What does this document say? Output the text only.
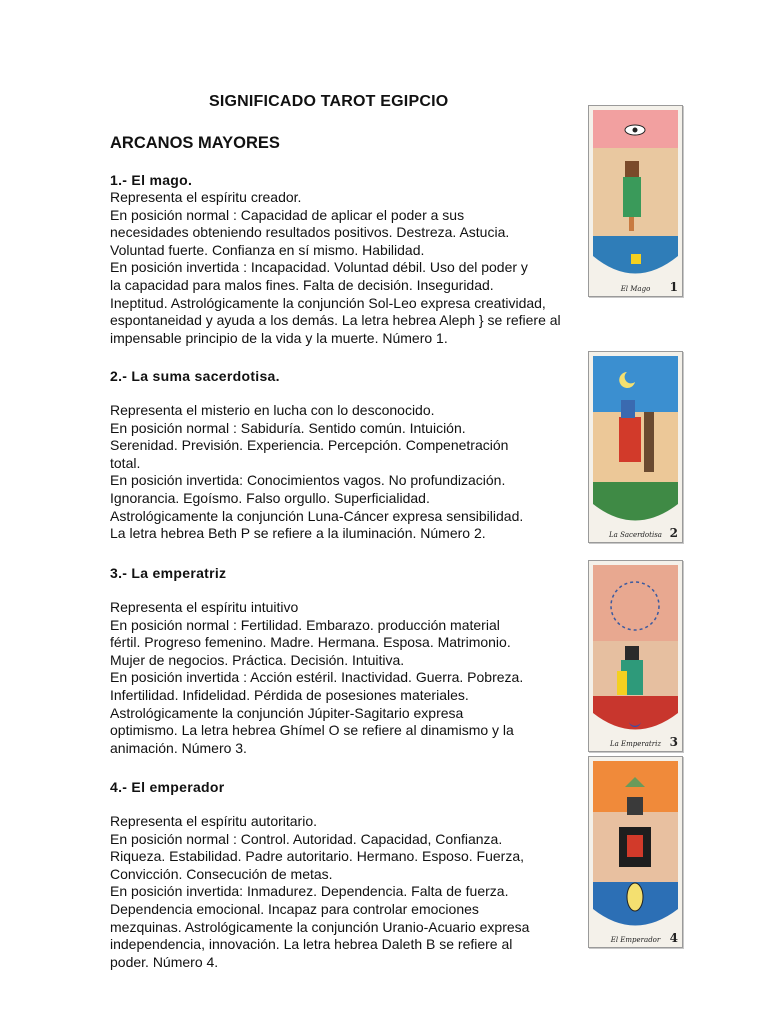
SIGNIFICADO TAROT EGIPCIO
ARCANOS MAYORES
1.- El mago.

Representa el espíritu creador.

En posición normal : Capacidad de aplicar el poder a sus

necesidades obteniendo resultados positivos. Destreza. Astucia.

Voluntad fuerte. Confianza en sí mismo. Habilidad.

En posición invertida : Incapacidad. Voluntad débil. Uso del poder y

la capacidad para malos fines. Falta de decisión. Inseguridad.

Ineptitud. Astrológicamente la conjunción Sol-Leo expresa creatividad,

espontaneidad y ayuda a los demás. La letra hebrea Aleph } se refiere al

impensable principio de la vida y la muerte. Número 1.

2.- La suma sacerdotisa.

Representa el misterio en lucha con lo desconocido.

En posición normal : Sabiduría. Sentido común. Intuición.

Serenidad. Previsión. Experiencia. Percepción. Compenetración

total.

En posición invertida: Conocimientos vagos. No profundización.

Ignorancia. Egoísmo. Falso orgullo. Superficialidad.

Astrológicamente la conjunción Luna-Cáncer expresa sensibilidad.

La letra hebrea Beth P se refiere a la iluminación. Número 2.

3.- La emperatriz

Representa el espíritu intuitivo

En posición normal : Fertilidad. Embarazo. producción material

fértil. Progreso femenino. Madre. Hermana. Esposa. Matrimonio.

Mujer de negocios. Práctica. Decisión. Intuitiva.

En posición invertida : Acción estéril. Inactividad. Guerra. Pobreza.

Infertilidad. Infidelidad. Pérdida de posesiones materiales.

Astrológicamente la conjunción Júpiter-Sagitario expresa

optimismo. La letra hebrea Ghímel O se refiere al dinamismo y la

animación. Número 3.

4.- El emperador

Representa el espíritu autoritario.

En posición normal : Control. Autoridad. Capacidad, Confianza.

Riqueza. Estabilidad. Padre autoritario. Hermano. Esposo. Fuerza,

Convicción. Consecución de metas.

En posición invertida: Inmadurez. Dependencia. Falta de fuerza.

Dependencia emocional. Incapaz para controlar emociones

mezquinas. Astrológicamente la conjunción Uranio-Acuario expresa

independencia, innovación. La letra hebrea Daleth B se refiere al

poder. Número 4.

El Mago	1
La Sacerdotisa 2
La Emperatriz 3
El Emperador 4
